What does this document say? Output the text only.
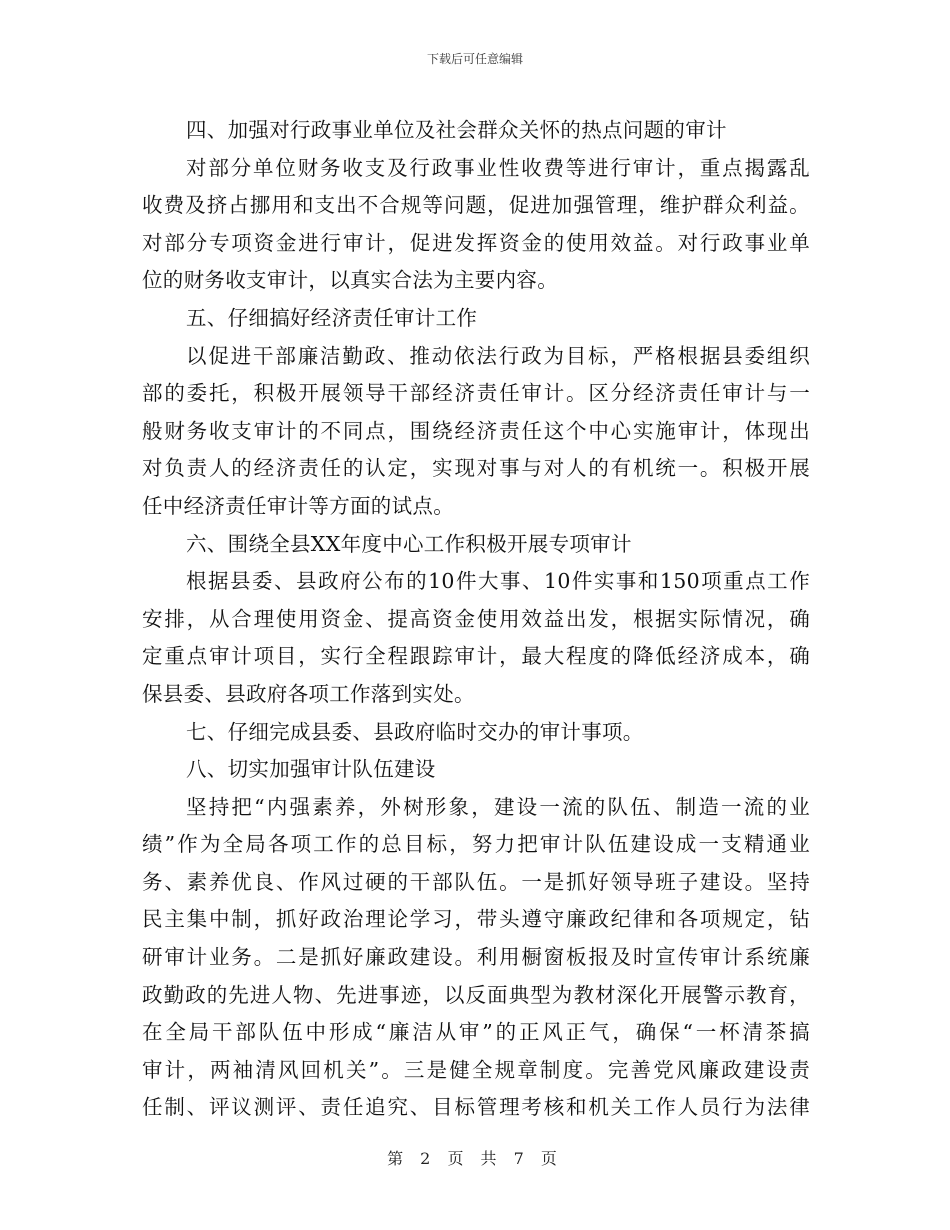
下载后可任意编辑
四、加强对行政事业单位及社会群众关怀的热点问题的审计
对部分单位财务收支及行政事业性收费等进行审计，重点揭露乱
收费及挤占挪用和支出不合规等问题，促进加强管理，维护群众利益。
对部分专项资金进行审计，促进发挥资金的使用效益。对行政事业单
位的财务收支审计，以真实合法为主要内容。
五、仔细搞好经济责任审计工作
以促进干部廉洁勤政、推动依法行政为目标，严格根据县委组织
部的委托，积极开展领导干部经济责任审计。区分经济责任审计与一
般财务收支审计的不同点，围绕经济责任这个中心实施审计，体现出
对负责人的经济责任的认定，实现对事与对人的有机统一。积极开展
任中经济责任审计等方面的试点。
六、围绕全县XX年度中心工作积极开展专项审计
根据县委、县政府公布的10件大事、10件实事和150项重点工作
安排，从合理使用资金、提高资金使用效益出发，根据实际情况，确
定重点审计项目，实行全程跟踪审计，最大程度的降低经济成本，确
保县委、县政府各项工作落到实处。
七、仔细完成县委、县政府临时交办的审计事项。
八、切实加强审计队伍建设
坚持把“内强素养，外树形象，建设一流的队伍、制造一流的业
绩”作为全局各项工作的总目标，努力把审计队伍建设成一支精通业
务、素养优良、作风过硬的干部队伍。一是抓好领导班子建设。坚持
民主集中制，抓好政治理论学习，带头遵守廉政纪律和各项规定，钻
研审计业务。二是抓好廉政建设。利用橱窗板报及时宣传审计系统廉
政勤政的先进人物、先进事迹，以反面典型为教材深化开展警示教育，
在全局干部队伍中形成“廉洁从审”的正风正气，确保“一杯清茶搞
审计，两袖清风回机关”。三是健全规章制度。完善党风廉政建设责
任制、评议测评、责任追究、目标管理考核和机关工作人员行为法律
第 2 页 共 7 页
